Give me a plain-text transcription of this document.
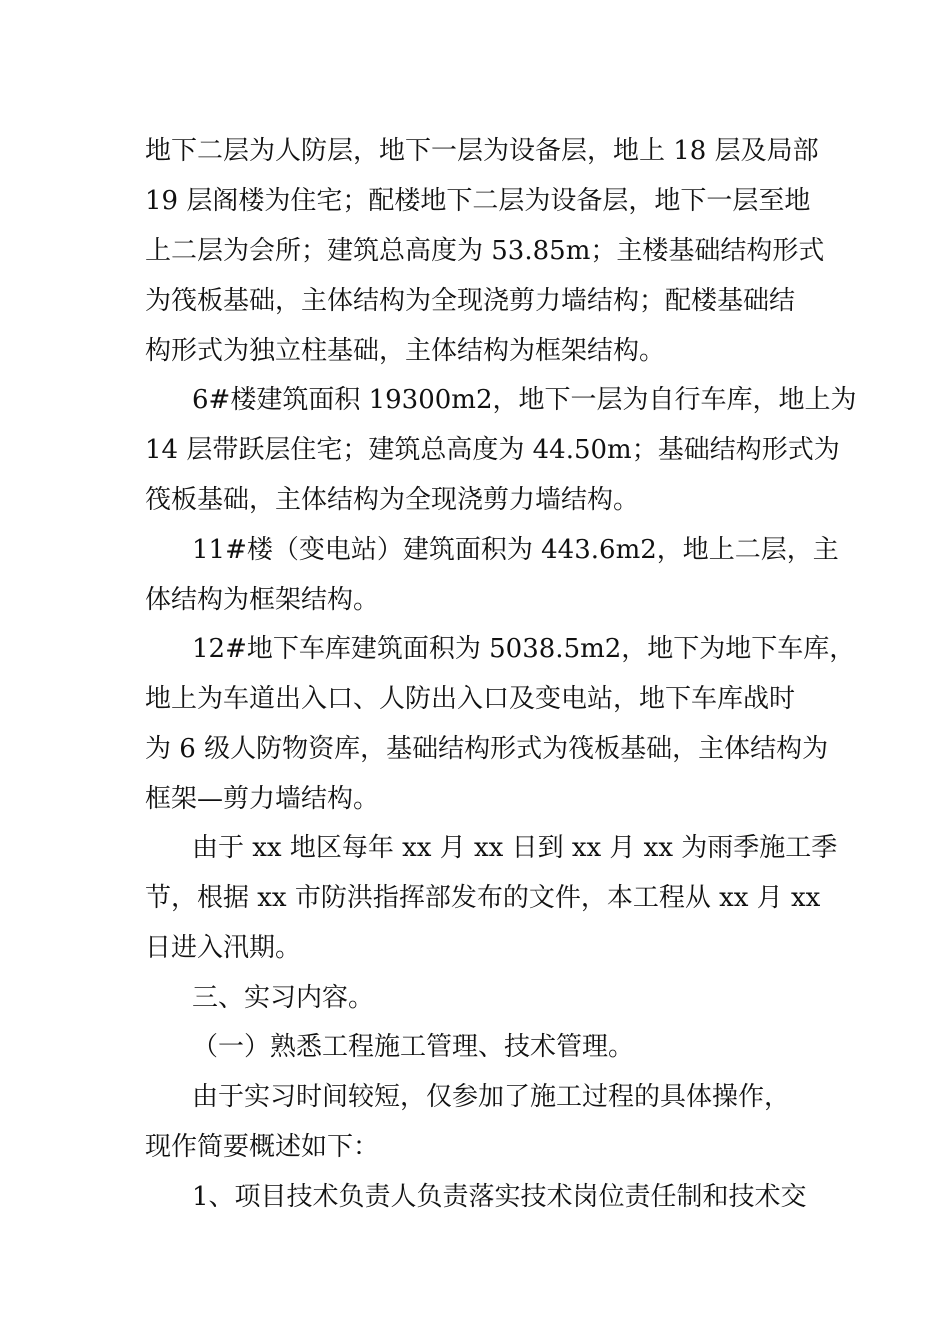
地下二层为人防层，地下一层为设备层，地上 18 层及局部
19 层阁楼为住宅；配楼地下二层为设备层，地下一层至地
上二层为会所；建筑总高度为 53.85m；主楼基础结构形式
为筏板基础，主体结构为全现浇剪力墙结构；配楼基础结
构形式为独立柱基础，主体结构为框架结构。
6#楼建筑面积 19300m2，地下一层为自行车库，地上为
14 层带跃层住宅；建筑总高度为 44.50m；基础结构形式为
筏板基础，主体结构为全现浇剪力墙结构。
11#楼（变电站）建筑面积为 443.6m2，地上二层，主
体结构为框架结构。
12#地下车库建筑面积为 5038.5m2，地下为地下车库，
地上为车道出入口、人防出入口及变电站，地下车库战时
为 6 级人防物资库，基础结构形式为筏板基础，主体结构为
框架—剪力墙结构。
由于 xx 地区每年 xx 月 xx 日到 xx 月 xx 为雨季施工季
节，根据 xx 市防洪指挥部发布的文件，本工程从 xx 月 xx
日进入汛期。
三、实习内容。
（一）熟悉工程施工管理、技术管理。
由于实习时间较短，仅参加了施工过程的具体操作，
现作简要概述如下：
1、项目技术负责人负责落实技术岗位责任制和技术交
